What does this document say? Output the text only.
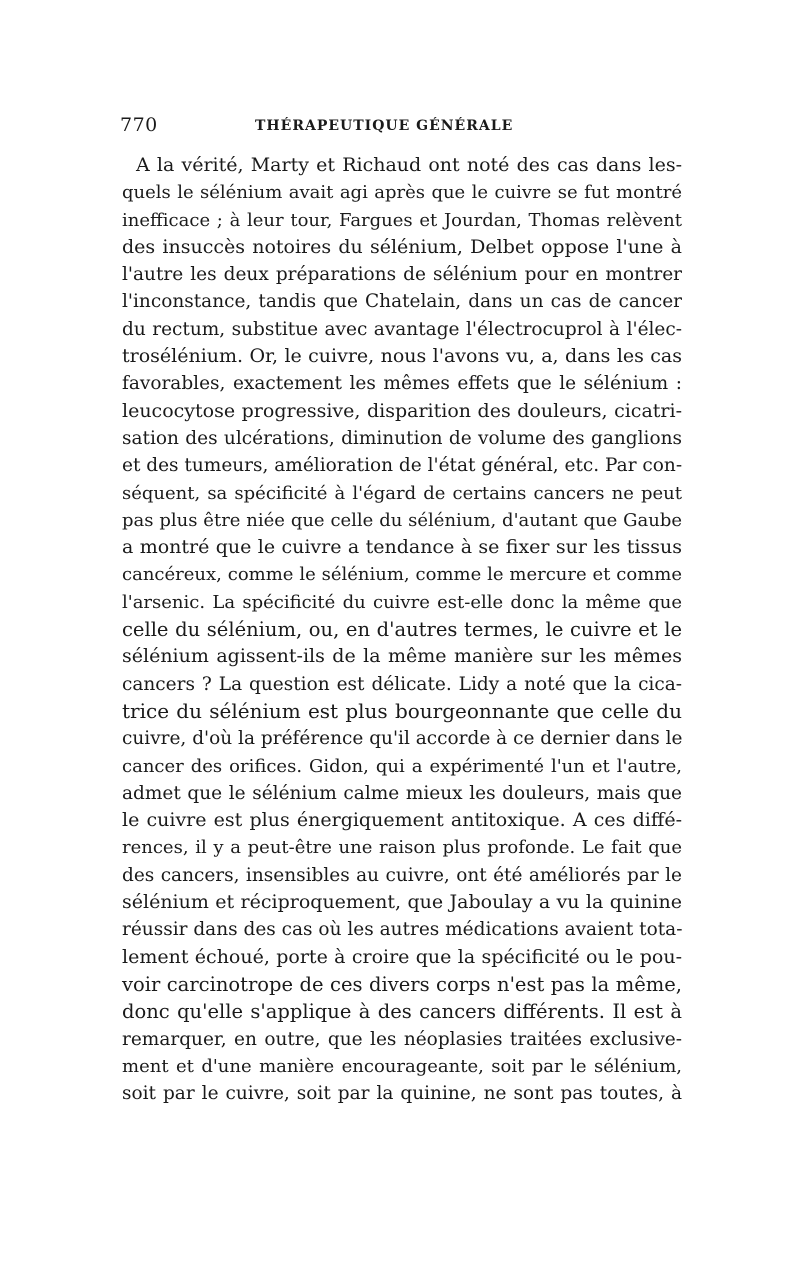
770	THÉRAPEUTIQUE GÉNÉRALE
A la vérité, Marty et Richaud ont noté des cas dans les-
quels le sélénium avait agi après que le cuivre se fut montré
inefficace ; à leur tour, Fargues et Jourdan, Thomas relèvent
des insuccès notoires du sélénium, Delbet oppose l'une à
l'autre les deux préparations de sélénium pour en montrer
l'inconstance, tandis que Chatelain, dans un cas de cancer
du rectum, substitue avec avantage l'électrocuprol à l'élec-
trosélénium. Or, le cuivre, nous l'avons vu, a, dans les cas
favorables, exactement les mêmes effets que le sélénium :
leucocytose progressive, disparition des douleurs, cicatri-
sation des ulcérations, diminution de volume des ganglions
et des tumeurs, amélioration de l'état général, etc. Par con-
séquent, sa spécificité à l'égard de certains cancers ne peut
pas plus être niée que celle du sélénium, d'autant que Gaube
a montré que le cuivre a tendance à se fixer sur les tissus
cancéreux, comme le sélénium, comme le mercure et comme
l'arsenic. La spécificité du cuivre est-elle donc la même que
celle du sélénium, ou, en d'autres termes, le cuivre et le
sélénium agissent-ils de la même manière sur les mêmes
cancers ? La question est délicate. Lidy a noté que la cica-
trice du sélénium est plus bourgeonnante que celle du
cuivre, d'où la préférence qu'il accorde à ce dernier dans le
cancer des orifices. Gidon, qui a expérimenté l'un et l'autre,
admet que le sélénium calme mieux les douleurs, mais que
le cuivre est plus énergiquement antitoxique. A ces diffé-
rences, il y a peut-être une raison plus profonde. Le fait que
des cancers, insensibles au cuivre, ont été améliorés par le
sélénium et réciproquement, que Jaboulay a vu la quinine
réussir dans des cas où les autres médications avaient tota-
lement échoué, porte à croire que la spécificité ou le pou-
voir carcinotrope de ces divers corps n'est pas la même,
donc qu'elle s'applique à des cancers différents. Il est à
remarquer, en outre, que les néoplasies traitées exclusive-
ment et d'une manière encourageante, soit par le sélénium,
soit par le cuivre, soit par la quinine, ne sont pas toutes, à
